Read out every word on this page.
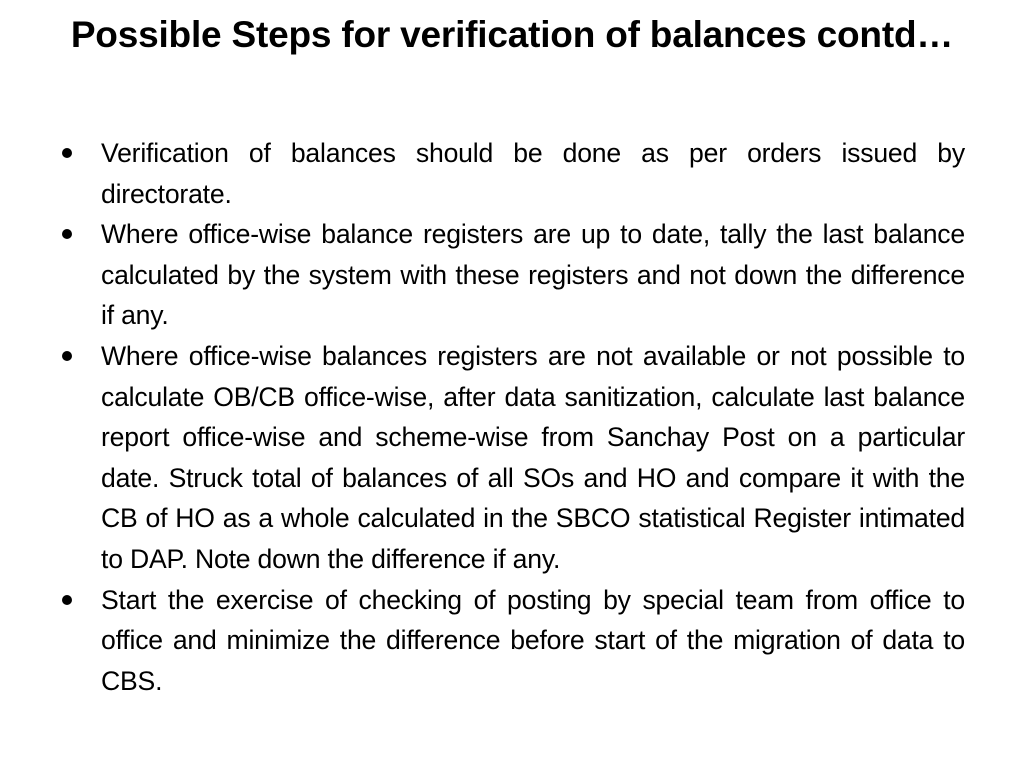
Possible Steps for verification of balances contd…
Verification of balances should be done as per orders issued by directorate.
Where office-wise balance registers are up to date, tally the last balance calculated by the system with these registers and not down the difference if any.
Where office-wise balances registers are not available or not possible to calculate OB/CB office-wise, after data sanitization, calculate last balance report office-wise and scheme-wise from Sanchay Post on a particular date. Struck total of balances of all SOs and HO and compare it with the CB of HO as a whole calculated in the SBCO statistical Register intimated to DAP. Note down the difference if any.
Start the exercise of checking of posting by special team from office to office and minimize the difference before start of the migration of data to CBS.
